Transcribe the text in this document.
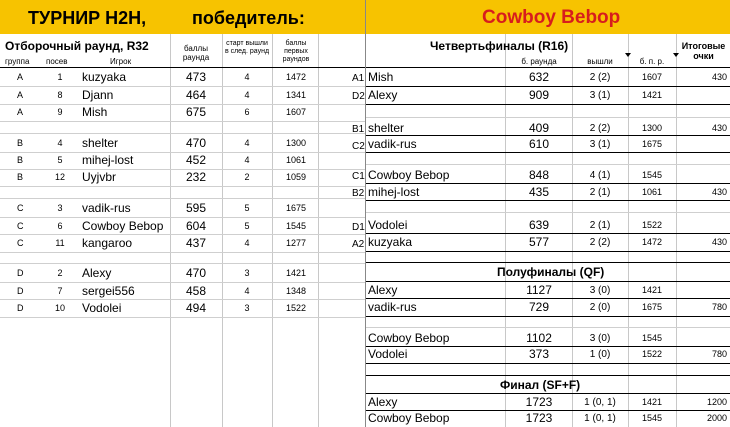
ТУРНИР H2H,	победитель:	Cowboy Bebop
Отборочный раунд, R32
группа посев	Игрок
баллы раунда
старт вышли в след. раунд
баллы первых раундов
A	1	kuzyaka	473	4	1472
A	8	Djann	464	4	1341
A	9	Mish	675	6	1607
B	4	shelter	470	4	1300
B	5	mihej-lost	452	4	1061
B	12	Uyjvbr	232	2	1059
C	3	vadik-rus	595	5	1675
C	6	Cowboy Bebop	604	5	1545
C	11	kangaroo	437	4	1277
D	2	Alexy	470	3	1421
D	7	sergei556	458	4	1348
D	10	Vodolei	494	3	1522
Четвертьфиналы (R16)
б. раунда	вышли	б. п. р.
Итоговые очки
A1 Mish	632	2 (2)	1607	430
D2 Alexy	909	3 (1)	1421
B1 shelter	409	2 (2)	1300	430
C2 vadik-rus	610	3 (1)	1675
C1 Cowboy Bebop	848	4 (1)	1545
B2 mihej-lost	435	2 (1)	1061	430
D1 Vodolei	639	2 (1)	1522
A2 kuzyaka	577	2 (2)	1472	430
Полуфиналы (QF)
Alexy	1127	3 (0)	1421
vadik-rus	729	2 (0)	1675	780
Cowboy Bebop	1102	3 (0)	1545
Vodolei	373	1 (0)	1522	780
Финал (SF+F)
Alexy	1723	1 (0, 1)	1421	1200
Cowboy Bebop	1723	1 (0, 1)	1545	2000
